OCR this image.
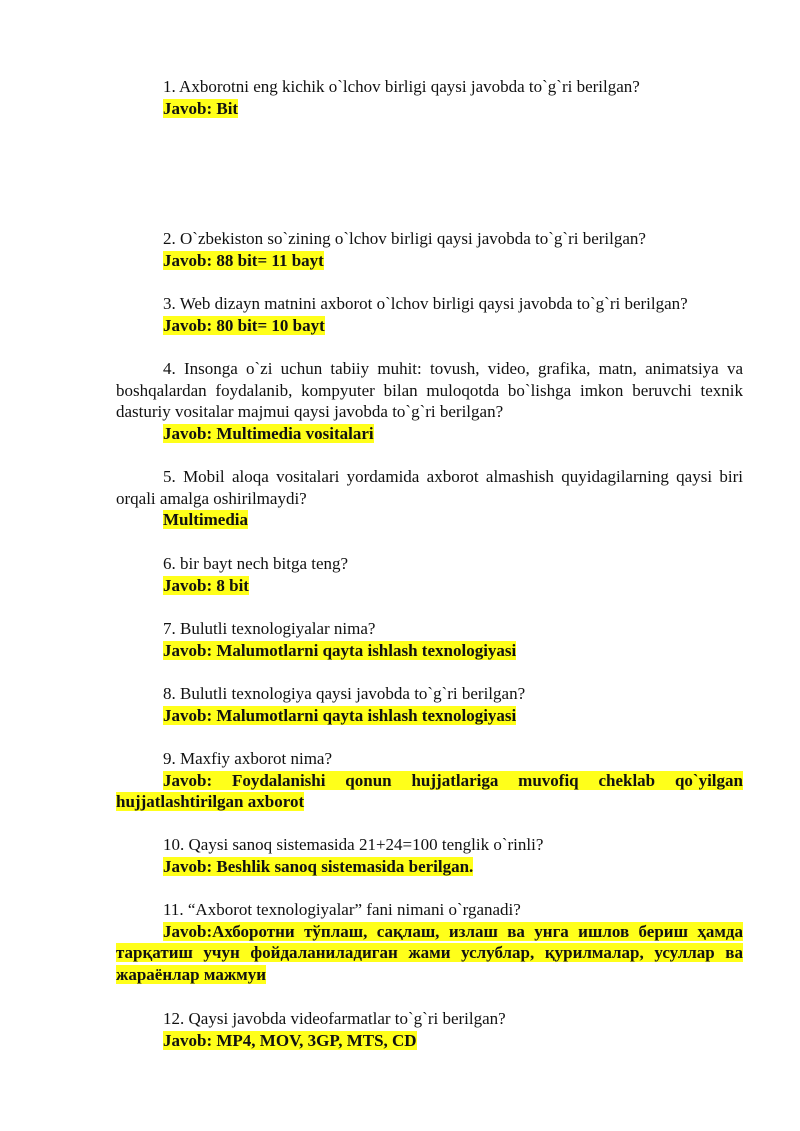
1. Axborotni eng kichik o`lchov birligi qaysi javobda to`g`ri berilgan?

Javob: Bit

2. O`zbekiston so`zining o`lchov birligi qaysi javobda to`g`ri berilgan?

Javob: 88 bit= 11 bayt

3. Web dizayn matnini axborot o`lchov birligi qaysi javobda to`g`ri berilgan?

Javob: 80 bit= 10 bayt

4. Insonga o`zi uchun tabiiy muhit: tovush, video, grafika, matn, animatsiya va boshqalardan foydalanib, kompyuter bilan muloqotda bo`lishga imkon beruvchi texnik dasturiy vositalar majmui qaysi javobda to`g`ri berilgan?

Javob: Multimedia vositalari

5. Mobil aloqa vositalari yordamida axborot almashish quyidagilarning qaysi biri orqali amalga oshirilmaydi?

Multimedia

6. bir bayt nech bitga teng?

Javob: 8 bit

7. Bulutli texnologiyalar nima?

Javob: Malumotlarni qayta ishlash texnologiyasi

8. Bulutli texnologiya qaysi javobda to`g`ri berilgan?

Javob: Malumotlarni qayta ishlash texnologiyasi

9. Maxfiy axborot nima?

Javob: Foydalanishi qonun hujjatlariga muvofiq cheklab qo`yilgan hujjatlashtirilgan axborot

10. Qaysi sanoq sistemasida 21+24=100 tenglik o`rinli?

Javob: Beshlik sanoq sistemasida berilgan.

11. “Axborot texnologiyalar” fani nimani o`rganadi?

Javob:Ахборотни тўплаш, сақлаш, излаш ва унга ишлов бериш ҳамда тарқатиш учун фойдаланиладиган жами услублар, қурилмалар, усуллар ва жараёнлар мажмуи

12. Qaysi javobda videofarmatlar to`g`ri berilgan?

Javob: MP4, MOV, 3GP, MTS, CD
